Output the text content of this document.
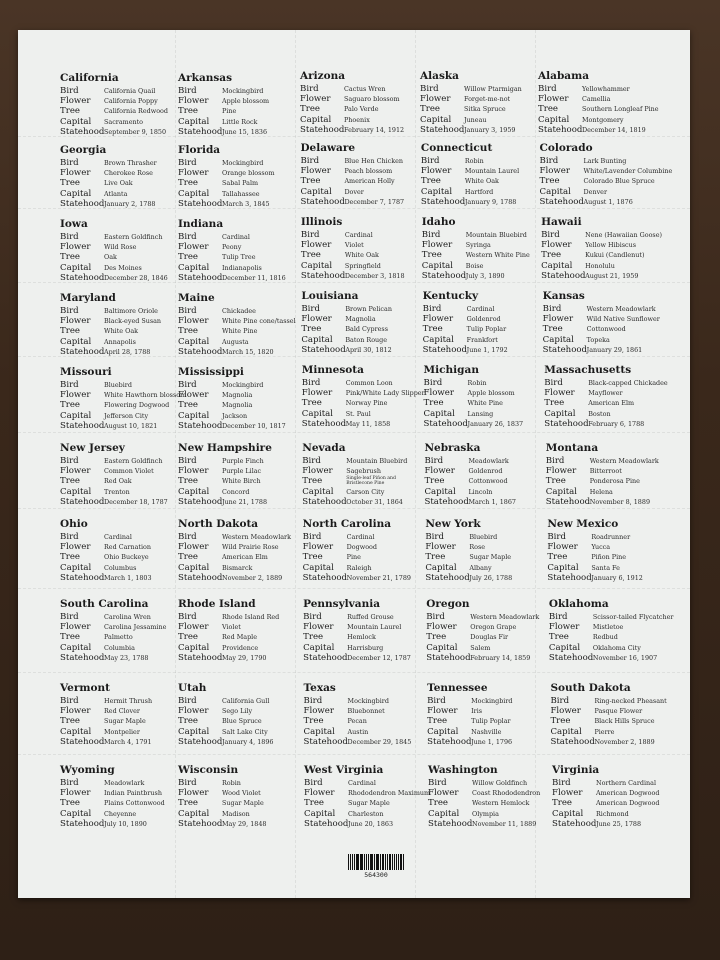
California
Bird	California Quail
Flower California Poppy
Tree	California Redwood
Capital Sacramento
StatehoodSeptember 9, 1850
Georgia
Bird	Brown Thrasher
Flower Cherokee Rose
Tree	Live Oak
Capital Atlanta
StatehoodJanuary 2, 1788
Iowa
Bird	Eastern Goldfinch
Flower Wild Rose
Tree	Oak
Capital Des Moines
StatehoodDecember 28, 1846
Maryland
Bird	Baltimore Oriole
Flower Black-eyed Susan
Tree	White Oak
Capital Annapolis
StatehoodApril 28, 1788
Missouri
Bird	Bluebird
Flower White Hawthorn blossom
Tree	Flowering Dogwood
Capital Jefferson City
StatehoodAugust 10, 1821
New Jersey
Bird	Eastern Goldfinch
Flower Common Violet
Tree	Red Oak
Capital Trenton
StatehoodDecember 18, 1787
Ohio
Bird	Cardinal
Flower Red Carnation
Tree	Ohio Buckeye
Capital Columbus
StatehoodMarch 1, 1803
South Carolina
Bird	Carolina Wren
Flower Carolina Jessamine
Tree	Palmetto
Capital Columbia
StatehoodMay 23, 1788
Vermont
Bird	Hermit Thrush
Flower Red Clover
Tree	Sugar Maple
Capital Montpelier
StatehoodMarch 4, 1791
Wyoming
Bird	Meadowlark
Flower Indian Paintbrush
Tree	Plains Cottonwood
Capital Cheyenne
StatehoodJuly 10, 1890
Arkansas
Bird	Mockingbird
Flower Apple blossom
Tree	Pine
Capital Little Rock
StatehoodJune 15, 1836
Florida
Bird	Mockingbird
Flower Orange blossom
Tree	Sabal Palm
Capital Tallahassee
StatehoodMarch 3, 1845
Indiana
Bird	Cardinal
Flower Peony
Tree	Tulip Tree
Capital Indianapolis
StatehoodDecember 11, 1816
Maine
Bird	Chickadee
Flower White Pine cone/tassel
Tree	White Pine
Capital Augusta
StatehoodMarch 15, 1820
Mississippi
Bird	Mockingbird
Flower Magnolia
Tree	Magnolia
Capital Jackson
StatehoodDecember 10, 1817
New Hampshire
Bird	Purple Finch
Flower Purple Lilac
Tree	White Birch
Capital Concord
StatehoodJune 21, 1788
North Dakota
Bird	Western Meadowlark
Flower Wild Prairie Rose
Tree	American Elm
Capital Bismarck
StatehoodNovember 2, 1889
Rhode Island
Bird	Rhode Island Red
Flower Violet
Tree	Red Maple
Capital Providence
StatehoodMay 29, 1790
Utah
Bird	California Gull
Flower Sego Lily
Tree	Blue Spruce
Capital Salt Lake City
StatehoodJanuary 4, 1896
Wisconsin
Bird	Robin
Flower Wood Violet
Tree	Sugar Maple
Capital Madison
StatehoodMay 29, 1848
Arizona
Bird	Cactus Wren
Flower Saguaro blossom
Tree	Palo Verde
Capital Phoenix
StatehoodFebruary 14, 1912
Delaware
Bird	Blue Hen Chicken
Flower Peach blossom
Tree	American Holly
Capital Dover
StatehoodDecember 7, 1787
Illinois
Bird	Cardinal
Flower Violet
Tree	White Oak
Capital Springfield
StatehoodDecember 3, 1818
Louisiana
Bird	Brown Pelican
Flower Magnolia
Tree	Bald Cypress
Capital Baton Rouge
StatehoodApril 30, 1812
Minnesota
Bird	Common Loon
Flower Pink/White Lady Slipper
Tree	Norway Pine
Capital St. Paul
StatehoodMay 11, 1858
Nevada
Bird	Mountain Bluebird
Flower Sagebrush
Tree	Single-leaf Piñon and Bristlecone Pine
Capital Carson City
StatehoodOctober 31, 1864
North Carolina
Bird	Cardinal
Flower Dogwood
Tree	Pine
Capital Raleigh
StatehoodNovember 21, 1789
Pennsylvania
Bird	Ruffed Grouse
Flower Mountain Laurel
Tree	Hemlock
Capital Harrisburg
StatehoodDecember 12, 1787
Texas
Bird	Mockingbird
Flower Bluebonnet
Tree	Pecan
Capital Austin
StatehoodDecember 29, 1845
West Virginia
Bird	Cardinal
Flower Rhododendron Maximum
Tree	Sugar Maple
Capital Charleston
StatehoodJune 20, 1863
Alaska
Bird	Willow Ptarmigan
Flower Forget-me-not
Tree	Sitka Spruce
Capital Juneau
StatehoodJanuary 3, 1959
Connecticut
Bird	Robin
Flower Mountain Laurel
Tree	White Oak
Capital Hartford
StatehoodJanuary 9, 1788
Idaho
Bird	Mountain Bluebird
Flower Syringa
Tree	Western White Pine
Capital Boise
StatehoodJuly 3, 1890
Kentucky
Bird	Cardinal
Flower Goldenrod
Tree	Tulip Poplar
Capital Frankfort
StatehoodJune 1, 1792
Michigan
Bird	Robin
Flower Apple blossom
Tree	White Pine
Capital Lansing
StatehoodJanuary 26, 1837
Nebraska
Bird	Meadowlark
Flower Goldenrod
Tree	Cottonwood
Capital Lincoln
StatehoodMarch 1, 1867
New York
Bird	Bluebird
Flower Rose
Tree	Sugar Maple
Capital Albany
StatehoodJuly 26, 1788
Oregon
Bird	Western Meadowlark
Flower Oregon Grape
Tree	Douglas Fir
Capital Salem
StatehoodFebruary 14, 1859
Tennessee
Bird	Mockingbird
Flower Iris
Tree	Tulip Poplar
Capital Nashville
StatehoodJune 1, 1796
Washington
Bird	Willow Goldfinch
Flower Coast Rhododendron
Tree	Western Hemlock
Capital Olympia
StatehoodNovember 11, 1889
Alabama
Bird	Yellowhammer
Flower Camellia
Tree	Southern Longleaf Pine
Capital Montgomery
StatehoodDecember 14, 1819
Colorado
Bird	Lark Bunting
Flower White/Lavender Columbine
Tree	Colorado Blue Spruce
Capital Denver
StatehoodAugust 1, 1876
Hawaii
Bird	Nene (Hawaiian Goose)
Flower Yellow Hibiscus
Tree	Kukui (Candlenut)
Capital Honolulu
StatehoodAugust 21, 1959
Kansas
Bird	Western Meadowlark
Flower Wild Native Sunflower
Tree	Cottonwood
Capital Topeka
StatehoodJanuary 29, 1861
Massachusetts
Bird	Black-capped Chickadee
Flower Mayflower
Tree	American Elm
Capital Boston
StatehoodFebruary 6, 1788
Montana
Bird	Western Meadowlark
Flower Bitterroot
Tree	Ponderosa Pine
Capital Helena
StatehoodNovember 8, 1889
New Mexico
Bird	Roadrunner
Flower Yucca
Tree	Piñon Pine
Capital Santa Fe
StatehoodJanuary 6, 1912
Oklahoma
Bird	Scissor-tailed Flycatcher
Flower Mistletoe
Tree	Redbud
Capital Oklahoma City
StatehoodNovember 16, 1907
South Dakota
Bird	Ring-necked Pheasant
Flower Pasque Flower
Tree	Black Hills Spruce
Capital Pierre
StatehoodNovember 2, 1889
Virginia
Bird	Northern Cardinal
Flower American Dogwood
Tree	American Dogwood
Capital Richmond
StatehoodJune 25, 1788
564300
